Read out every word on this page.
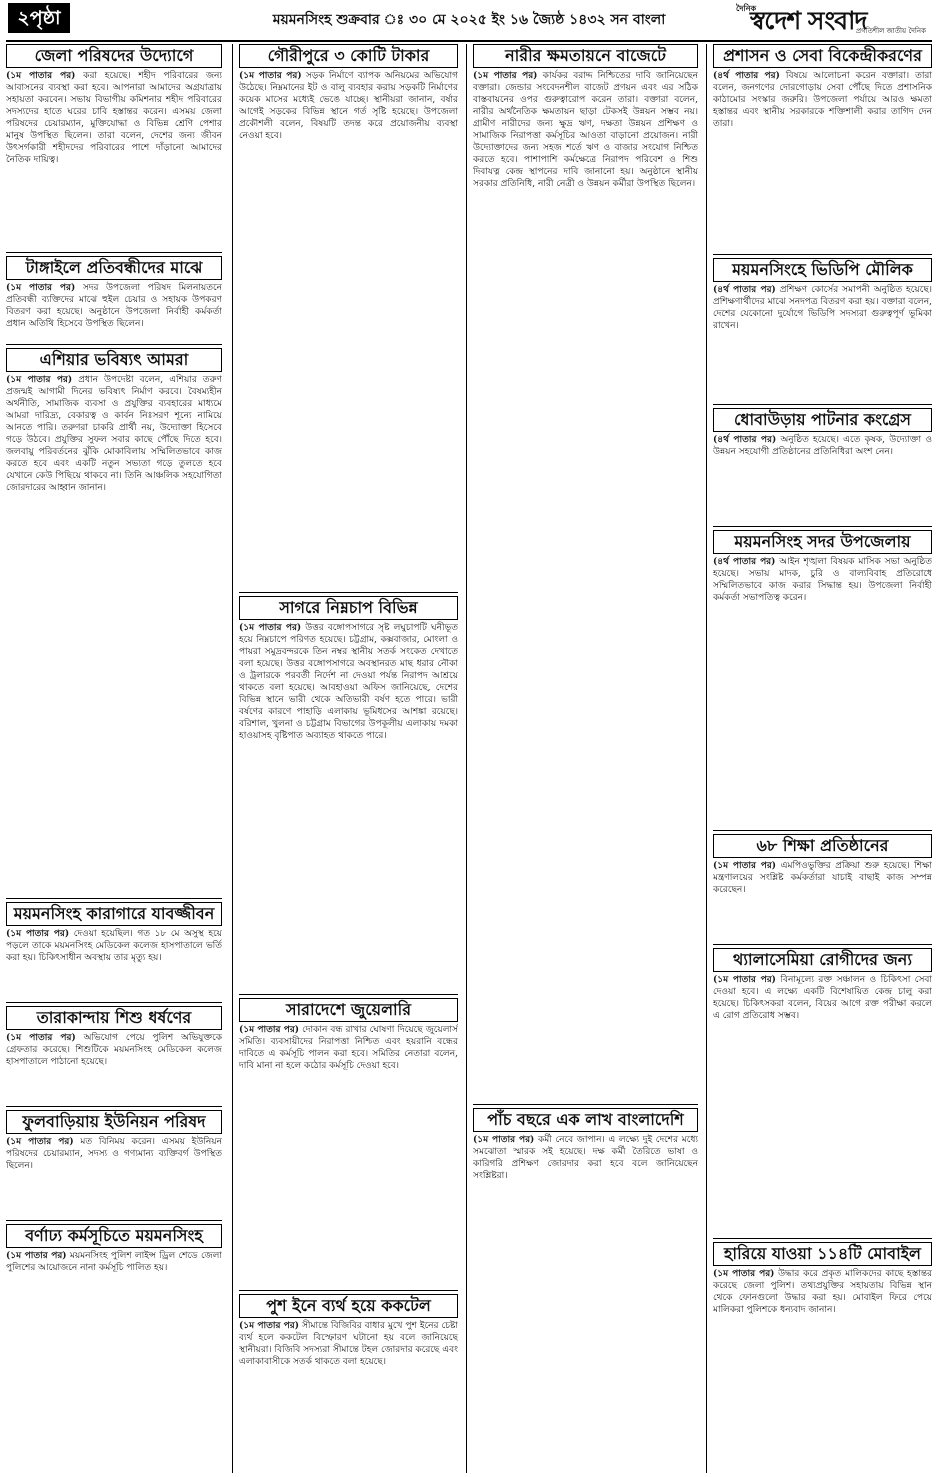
২পৃষ্ঠা	ময়মনসিংহ শুক্রবার ঃ ৩০ মে ২০২৫ ইং ১৬ জ্যৈষ্ঠ ১৪৩২ সন বাংলা
দৈনিক
স্বদেশ সংবাদ
প্রগতিশীল জাতীয় দৈনিক
জেলা পরিষদের উদ্যোগে

(১ম পাতার পর) করা হয়েছে। শহীদ পরিবারের জন্য আবাসনের ব্যবস্থা করা হবে। আপনারা আমাদের অগ্রযাত্রায় সহায়তা করবেন। সভায় বিভাগীয় কমিশনার শহীদ পরিবারের সদস্যদের হাতে ঘরের চাবি হস্তান্তর করেন। এসময় জেলা পরিষদের চেয়ারম্যান, মুক্তিযোদ্ধা ও বিভিন্ন শ্রেণি পেশার মানুষ উপস্থিত ছিলেন। তারা বলেন, দেশের জন্য জীবন উৎসর্গকারী শহীদদের পরিবারের পাশে দাঁড়ানো আমাদের নৈতিক দায়িত্ব।

টাঙ্গাইলে প্রতিবন্ধীদের মাঝে

(১ম পাতার পর) সদর উপজেলা পরিষদ মিলনায়তনে প্রতিবন্ধী ব্যক্তিদের মাঝে হুইল চেয়ার ও সহায়ক উপকরণ বিতরণ করা হয়েছে। অনুষ্ঠানে উপজেলা নির্বাহী কর্মকর্তা প্রধান অতিথি হিসেবে উপস্থিত ছিলেন।

এশিয়ার ভবিষ্যৎ আমরা

(১ম পাতার পর) প্রধান উপদেষ্টা বলেন, এশিয়ার তরুণ প্রজন্মই আগামী দিনের ভবিষ্যৎ নির্মাণ করবে। বৈষম্যহীন অর্থনীতি, সামাজিক ব্যবসা ও প্রযুক্তির ব্যবহারের মাধ্যমে আমরা দারিদ্র্য, বেকারত্ব ও কার্বন নিঃসরণ শূন্যে নামিয়ে আনতে পারি। তরুণরা চাকরি প্রার্থী নয়, উদ্যোক্তা হিসেবে গড়ে উঠবে। প্রযুক্তির সুফল সবার কাছে পৌঁছে দিতে হবে। জলবায়ু পরিবর্তনের ঝুঁকি মোকাবিলায় সম্মিলিতভাবে কাজ করতে হবে এবং একটি নতুন সভ্যতা গড়ে তুলতে হবে যেখানে কেউ পিছিয়ে থাকবে না। তিনি আঞ্চলিক সহযোগিতা জোরদারের আহ্বান জানান।

ময়মনসিংহ কারাগারে যাবজ্জীবন

(১ম পাতার পর) দেওয়া হয়েছিল। গত ১৮ মে অসুস্থ হয়ে পড়লে তাকে ময়মনসিংহ মেডিকেল কলেজ হাসপাতালে ভর্তি করা হয়। চিকিৎসাধীন অবস্থায় তার মৃত্যু হয়।

তারাকান্দায় শিশু ধর্ষণের

(১ম পাতার পর) অভিযোগ পেয়ে পুলিশ অভিযুক্তকে গ্রেফতার করেছে। শিশুটিকে ময়মনসিংহ মেডিকেল কলেজ হাসপাতালে পাঠানো হয়েছে।

ফুলবাড়িয়ায় ইউনিয়ন পরিষদ

(১ম পাতার পর) মত বিনিময় করেন। এসময় ইউনিয়ন পরিষদের চেয়ারম্যান, সদস্য ও গণ্যমান্য ব্যক্তিবর্গ উপস্থিত ছিলেন।

বর্ণাঢ্য কর্মসূচিতে ময়মনসিংহ

(১ম পাতার পর) ময়মনসিংহ পুলিশ লাইন্স ড্রিল শেডে জেলা পুলিশের আয়োজনে নানা কর্মসূচি পালিত হয়।

গৌরীপুরে ৩ কোটি টাকার

(১ম পাতার পর) সড়ক নির্মাণে ব্যাপক অনিয়মের অভিযোগ উঠেছে। নিম্নমানের ইট ও বালু ব্যবহার করায় সড়কটি নির্মাণের কয়েক মাসের মধ্যেই ভেঙে যাচ্ছে। স্থানীয়রা জানান, বর্ষার আগেই সড়কের বিভিন্ন স্থানে গর্ত সৃষ্টি হয়েছে। উপজেলা প্রকৌশলী বলেন, বিষয়টি তদন্ত করে প্রয়োজনীয় ব্যবস্থা নেওয়া হবে।

সাগরে নিম্নচাপ বিভিন্ন

(১ম পাতার পর) উত্তর বঙ্গোপসাগরে সৃষ্ট লঘুচাপটি ঘনীভূত হয়ে নিম্নচাপে পরিণত হয়েছে। চট্টগ্রাম, কক্সবাজার, মোংলা ও পায়রা সমুদ্রবন্দরকে তিন নম্বর স্থানীয় সতর্ক সংকেত দেখাতে বলা হয়েছে। উত্তর বঙ্গোপসাগরে অবস্থানরত মাছ ধরার নৌকা ও ট্রলারকে পরবর্তী নির্দেশ না দেওয়া পর্যন্ত নিরাপদ আশ্রয়ে থাকতে বলা হয়েছে। আবহাওয়া অফিস জানিয়েছে, দেশের বিভিন্ন স্থানে ভারী থেকে অতিভারী বর্ষণ হতে পারে। ভারী বর্ষণের কারণে পাহাড়ি এলাকায় ভূমিধসের আশঙ্কা রয়েছে। বরিশাল, খুলনা ও চট্টগ্রাম বিভাগের উপকূলীয় এলাকায় দমকা হাওয়াসহ বৃষ্টিপাত অব্যাহত থাকতে পারে।

সারাদেশে জুয়েলারি

(১ম পাতার পর) দোকান বন্ধ রাখার ঘোষণা দিয়েছে জুয়েলার্স সমিতি। ব্যবসায়ীদের নিরাপত্তা নিশ্চিত এবং হয়রানি বন্ধের দাবিতে এ কর্মসূচি পালন করা হবে। সমিতির নেতারা বলেন, দাবি মানা না হলে কঠোর কর্মসূচি দেওয়া হবে।

পুশ ইনে ব্যর্থ হয়ে ককটেল

(১ম পাতার পর) সীমান্তে বিজিবির বাধার মুখে পুশ ইনের চেষ্টা ব্যর্থ হলে ককটেল বিস্ফোরণ ঘটানো হয় বলে জানিয়েছে স্থানীয়রা। বিজিবি সদস্যরা সীমান্তে টহল জোরদার করেছে এবং এলাকাবাসীকে সতর্ক থাকতে বলা হয়েছে।

নারীর ক্ষমতায়নে বাজেটে

(১ম পাতার পর) কার্যকর বরাদ্দ নিশ্চিতের দাবি জানিয়েছেন বক্তারা। জেন্ডার সংবেদনশীল বাজেট প্রণয়ন এবং এর সঠিক বাস্তবায়নের ওপর গুরুত্বারোপ করেন তারা। বক্তারা বলেন, নারীর অর্থনৈতিক ক্ষমতায়ন ছাড়া টেকসই উন্নয়ন সম্ভব নয়। গ্রামীণ নারীদের জন্য ক্ষুদ্র ঋণ, দক্ষতা উন্নয়ন প্রশিক্ষণ ও সামাজিক নিরাপত্তা কর্মসূচির আওতা বাড়ানো প্রয়োজন। নারী উদ্যোক্তাদের জন্য সহজ শর্তে ঋণ ও বাজার সংযোগ নিশ্চিত করতে হবে। পাশাপাশি কর্মক্ষেত্রে নিরাপদ পরিবেশ ও শিশু দিবাযত্ন কেন্দ্র স্থাপনের দাবি জানানো হয়। অনুষ্ঠানে স্থানীয় সরকার প্রতিনিধি, নারী নেত্রী ও উন্নয়ন কর্মীরা উপস্থিত ছিলেন।

পাঁচ বছরে এক লাখ বাংলাদেশি

(১ম পাতার পর) কর্মী নেবে জাপান। এ লক্ষ্যে দুই দেশের মধ্যে সমঝোতা স্মারক সই হয়েছে। দক্ষ কর্মী তৈরিতে ভাষা ও কারিগরি প্রশিক্ষণ জোরদার করা হবে বলে জানিয়েছেন সংশ্লিষ্টরা।

প্রশাসন ও সেবা বিকেন্দ্রীকরণের

(৪র্থ পাতার পর) বিষয়ে আলোচনা করেন বক্তারা। তারা বলেন, জনগণের দোরগোড়ায় সেবা পৌঁছে দিতে প্রশাসনিক কাঠামোর সংস্কার জরুরি। উপজেলা পর্যায়ে আরও ক্ষমতা হস্তান্তর এবং স্থানীয় সরকারকে শক্তিশালী করার তাগিদ দেন তারা।

ময়মনসিংহে ভিডিপি মৌলিক

(৪র্থ পাতার পর) প্রশিক্ষণ কোর্সের সমাপনী অনুষ্ঠিত হয়েছে। প্রশিক্ষণার্থীদের মাঝে সনদপত্র বিতরণ করা হয়। বক্তারা বলেন, দেশের যেকোনো দুর্যোগে ভিডিপি সদস্যরা গুরুত্বপূর্ণ ভূমিকা রাখেন।

ধোবাউড়ায় পাটনার কংগ্রেস

(৪র্থ পাতার পর) অনুষ্ঠিত হয়েছে। এতে কৃষক, উদ্যোক্তা ও উন্নয়ন সহযোগী প্রতিষ্ঠানের প্রতিনিধিরা অংশ নেন।

ময়মনসিংহ সদর উপজেলায়

(৪র্থ পাতার পর) আইন শৃঙ্খলা বিষয়ক মাসিক সভা অনুষ্ঠিত হয়েছে। সভায় মাদক, চুরি ও বাল্যবিবাহ প্রতিরোধে সম্মিলিতভাবে কাজ করার সিদ্ধান্ত হয়। উপজেলা নির্বাহী কর্মকর্তা সভাপতিত্ব করেন।

৬৮ শিক্ষা প্রতিষ্ঠানের

(১ম পাতার পর) এমপিওভুক্তির প্রক্রিয়া শুরু হয়েছে। শিক্ষা মন্ত্রণালয়ের সংশ্লিষ্ট কর্মকর্তারা যাচাই বাছাই কাজ সম্পন্ন করেছেন।

থ্যালাসেমিয়া রোগীদের জন্য

(১ম পাতার পর) বিনামূল্যে রক্ত সঞ্চালন ও চিকিৎসা সেবা দেওয়া হবে। এ লক্ষ্যে একটি বিশেষায়িত কেন্দ্র চালু করা হয়েছে। চিকিৎসকরা বলেন, বিয়ের আগে রক্ত পরীক্ষা করলে এ রোগ প্রতিরোধ সম্ভব।

হারিয়ে যাওয়া ১১৪টি মোবাইল

(১ম পাতার পর) উদ্ধার করে প্রকৃত মালিকদের কাছে হস্তান্তর করেছে জেলা পুলিশ। তথ্যপ্রযুক্তির সহায়তায় বিভিন্ন স্থান থেকে ফোনগুলো উদ্ধার করা হয়। মোবাইল ফিরে পেয়ে মালিকরা পুলিশকে ধন্যবাদ জানান।
